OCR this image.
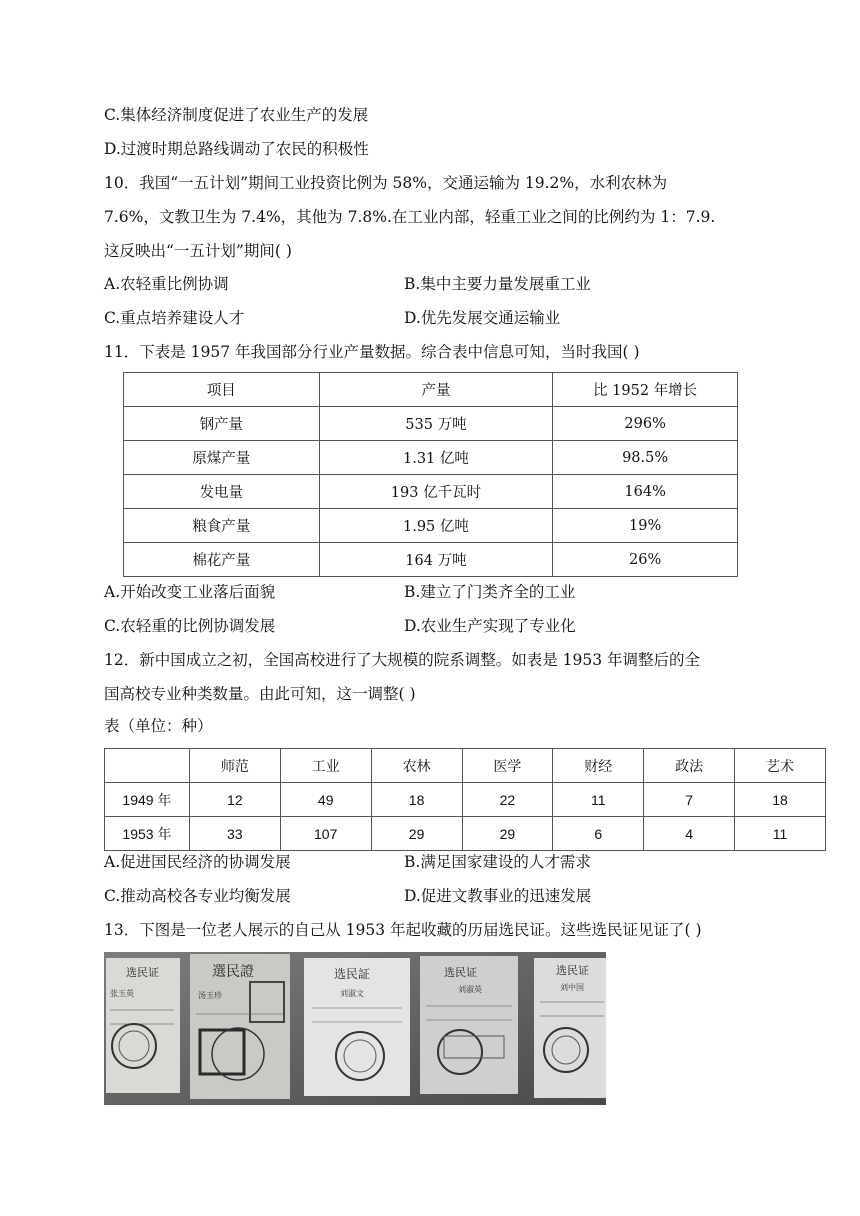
C.集体经济制度促进了农业生产的发展
D.过渡时期总路线调动了农民的积极性
10．我国“一五计划”期间工业投资比例为 58%，交通运输为 19.2%，水利农林为
7.6%，文教卫生为 7.4%，其他为 7.8%.在工业内部，轻重工业之间的比例约为 1：7.9.
这反映出“一五计划”期间( )
A.农轻重比例协调	B.集中主要力量发展重工业
C.重点培养建设人才	D.优先发展交通运输业
11．下表是 1957 年我国部分行业产量数据。综合表中信息可知，当时我国( )
项目	产量	比 1952 年增长
钢产量	535 万吨	296%
原煤产量	1.31 亿吨	98.5%
发电量	193 亿千瓦时	164%
粮食产量	1.95 亿吨	19%
棉花产量	164 万吨	26%
A.开始改变工业落后面貌	B.建立了门类齐全的工业
C.农轻重的比例协调发展	D.农业生产实现了专业化
12．新中国成立之初，全国高校进行了大规模的院系调整。如表是 1953 年调整后的全
国高校专业种类数量。由此可知，这一调整( )
表（单位：种）
	师范	工业	农林	医学	财经	政法	艺术
1949 年	12	49	18	22	11	7	18
1953 年	33	107	29	29	6	4	11
A.促进国民经济的协调发展	B.满足国家建设的人才需求
C.推动高校各专业均衡发展	D.促进文教事业的迅速发展
13．下图是一位老人展示的自己从 1953 年起收藏的历届选民证。这些选民证见证了( )
选民证
张玉英
選民證
汤玉珍
选民証
刘淑文
选民证
刘淑英
选民证
刘中国
